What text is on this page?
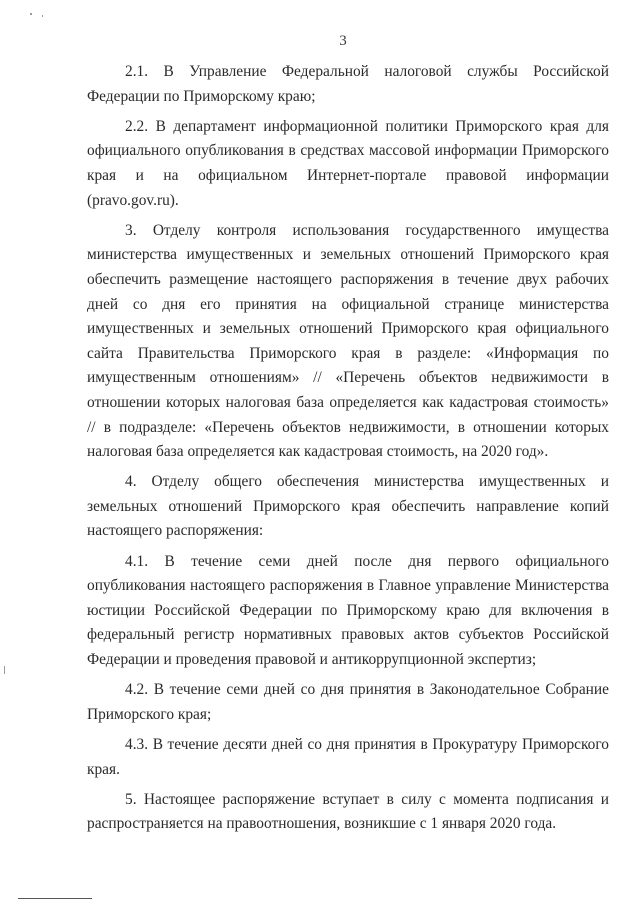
3

2.1. В Управление Федеральной налоговой службы Российской Федерации по Приморскому краю;

2.2. В департамент информационной политики Приморского края для официального опубликования в средствах массовой информации Приморского края и на официальном Интернет-портале правовой информации (pravo.gov.ru).

3. Отделу контроля использования государственного имущества министерства имущественных и земельных отношений Приморского края обеспечить размещение настоящего распоряжения в течение двух рабочих дней со дня его принятия на официальной странице министерства имущественных и земельных отношений Приморского края официального сайта Правительства Приморского края в разделе: «Информация по имущественным отношениям» // «Перечень объектов недвижимости в отношении которых налоговая база определяется как кадастровая стоимость» // в подразделе: «Перечень объектов недвижимости, в отношении которых налоговая база определяется как кадастровая стоимость, на 2020 год».

4. Отделу общего обеспечения министерства имущественных и земельных отношений Приморского края обеспечить направление копий настоящего распоряжения:

4.1. В течение семи дней после дня первого официального опубликования настоящего распоряжения в Главное управление Министерства юстиции Российской Федерации по Приморскому краю для включения в федеральный регистр нормативных правовых актов субъектов Российской Федерации и проведения правовой и антикоррупционной экспертиз;

4.2. В течение семи дней со дня принятия в Законодательное Собрание Приморского края;

4.3. В течение десяти дней со дня принятия в Прокуратуру Приморского края.

5. Настоящее распоряжение вступает в силу с момента подписания и распространяется на правоотношения, возникшие с 1 января 2020 года.
